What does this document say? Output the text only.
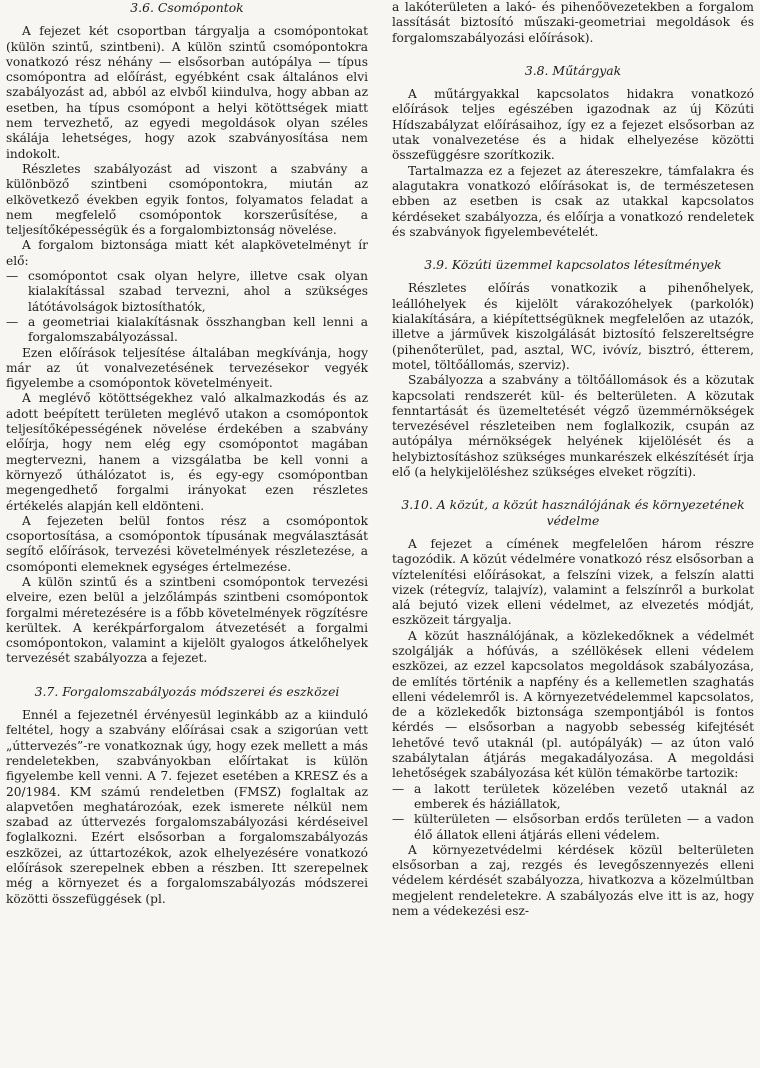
3.6. Csomópontok

A fejezet két csoportban tárgyalja a csomópontokat (külön szintű, szintbeni). A külön szintű csomópontokra vonatkozó rész néhány — elsősorban autópálya — típus csomópontra ad előírást, egyébként csak általános elvi szabályozást ad, abból az elvből kiindulva, hogy abban az esetben, ha típus csomópont a helyi kötöttségek miatt nem tervezhető, az egyedi megoldások olyan széles skálája lehetséges, hogy azok szabványosítása nem indokolt.

Részletes szabályozást ad viszont a szabvány a különböző szintbeni csomópontokra, miután az elkövetkező években egyik fontos, folyamatos feladat a nem megfelelő csomópontok korszerűsítése, a teljesítőképességük és a forgalombiztonság növelése.

A forgalom biztonsága miatt két alapkövetelményt ír elő:

— csomópontot csak olyan helyre, illetve csak olyan kialakítással szabad tervezni, ahol a szükséges látótávolságok biztosíthatók,
— a geometriai kialakításnak összhangban kell lenni a forgalomszabályozással.

Ezen előírások teljesítése általában megkívánja, hogy már az út vonalvezetésének tervezésekor vegyék figyelembe a csomópontok követelményeit.

A meglévő kötöttségekhez való alkalmazkodás és az adott beépített területen meglévő utakon a csomópontok teljesítőképességének növelése érdekében a szabvány előírja, hogy nem elég egy csomópontot magában megtervezni, hanem a vizsgálatba be kell vonni a környező úthálózatot is, és egy-egy csomópontban megengedhető forgalmi irányokat ezen részletes értékelés alapján kell eldönteni.

A fejezeten belül fontos rész a csomópontok csoportosítása, a csomópontok típusának megválasztását segítő előírások, tervezési követelmények részletezése, a csomóponti elemeknek egységes értelmezése.

A külön szintű és a szintbeni csomópontok tervezési elveire, ezen belül a jelzőlámpás szintbeni csomópontok forgalmi méretezésére is a főbb követelmények rögzítésre kerültek. A kerékpárforgalom átvezetését a forgalmi csomópontokon, valamint a kijelölt gyalogos átkelőhelyek tervezését szabályozza a fejezet.

3.7. Forgalomszabályozás módszerei és eszközei

Ennél a fejezetnél érvényesül leginkább az a kiinduló feltétel, hogy a szabvány előírásai csak a szigorúan vett „úttervezés”-re vonatkoznak úgy, hogy ezek mellett a más rendeletekben, szabványokban előírtakat is külön figyelembe kell venni. A 7. fejezet esetében a KRESZ és a 20/1984. KM számú rendeletben (FMSZ) foglaltak az alapvetően meghatározóak, ezek ismerete nélkül nem szabad az úttervezés forgalomszabályozási kérdéseivel foglalkozni. Ezért elsősorban a forgalomszabályozás eszközei, az úttartozékok, azok elhelyezésére vonatkozó előírások szerepelnek ebben a részben. Itt szerepelnek még a környezet és a forgalomszabályozás módszerei közötti összefüggések (pl.

a lakóterületen a lakó- és pihenőövezetekben a forgalom lassítását biztosító műszaki-geometriai megoldások és forgalomszabályozási előírások).

3.8. Műtárgyak

A műtárgyakkal kapcsolatos hidakra vonatkozó előírások teljes egészében igazodnak az új Közúti Hídszabályzat előírásaihoz, így ez a fejezet elsősorban az utak vonalvezetése és a hidak elhelyezése közötti összefüggésre szorítkozik.

Tartalmazza ez a fejezet az átereszekre, támfalakra és alagutakra vonatkozó előírásokat is, de természetesen ebben az esetben is csak az utakkal kapcsolatos kérdéseket szabályozza, és előírja a vonatkozó rendeletek és szabványok figyelembevételét.

3.9. Közúti üzemmel kapcsolatos létesítmények

Részletes előírás vonatkozik a pihenőhelyek, leállóhelyek és kijelölt várakozóhelyek (parkolók) kialakítására, a kiépítettségüknek megfelelően az utazók, illetve a járművek kiszolgálását biztosító felszereltségre (pihenőterület, pad, asztal, WC, ivóvíz, bisztró, étterem, motel, töltőállomás, szerviz).

Szabályozza a szabvány a töltőállomások és a közutak kapcsolati rendszerét kül- és belterületen. A közutak fenntartását és üzemeltetését végző üzemmérnökségek tervezésével részleteiben nem foglalkozik, csupán az autópálya mérnökségek helyének kijelölését és a helybiztosításhoz szükséges munkarészek elkészítését írja elő (a helykijelöléshez szükséges elveket rögzíti).

3.10. A közút, a közút használójának és környezetének védelme

A fejezet a címének megfelelően három részre tagozódik. A közút védelmére vonatkozó rész elsősorban a víztelenítési előírásokat, a felszíni vizek, a felszín alatti vizek (rétegvíz, talajvíz), valamint a felszínről a burkolat alá bejutó vizek elleni védelmet, az elvezetés módját, eszközeit tárgyalja.

A közút használójának, a közlekedőknek a védelmét szolgálják a hófúvás, a széllökések elleni védelem eszközei, az ezzel kapcsolatos megoldások szabályozása, de említés történik a napfény és a kellemetlen szaghatás elleni védelemről is. A környezetvédelemmel kapcsolatos, de a közlekedők biztonsága szempontjából is fontos kérdés — elsősorban a nagyobb sebesség kifejtését lehetővé tevő utaknál (pl. autópályák) — az úton való szabálytalan átjárás megakadályozása. A megoldási lehetőségek szabályozása két külön témakörbe tartozik:

— a lakott területek közelében vezető utaknál az emberek és háziállatok,
— külterületen — elsősorban erdős területen — a vadon élő állatok elleni átjárás elleni védelem.

A környezetvédelmi kérdések közül belterületen elsősorban a zaj, rezgés és levegőszennyezés elleni védelem kérdését szabályozza, hivatkozva a közelmúltban megjelent rendeletekre. A szabályozás elve itt is az, hogy nem a védekezési esz-
